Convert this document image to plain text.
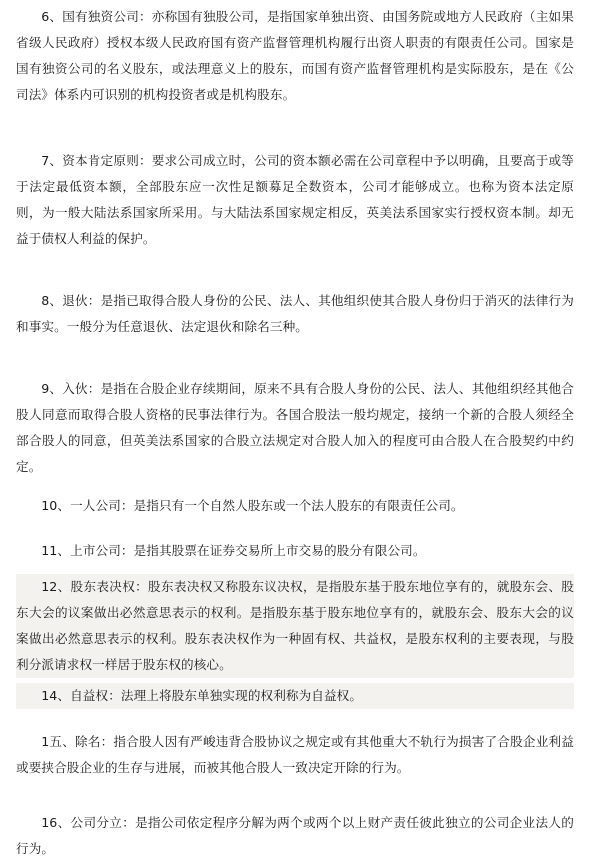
6、国有独资公司：亦称国有独股公司，是指国家单独出资、由国务院或地方人民政府（主如果省级人民政府）授权本级人民政府国有资产监督管理机构履行出资人职责的有限责任公司。国家是国有独资公司的名义股东，或法理意义上的股东，而国有资产监督管理机构是实际股东，是在《公司法》体系内可识别的机构投资者或是机构股东。

7、资本肯定原则：要求公司成立时，公司的资本额必需在公司章程中予以明确，且要高于或等于法定最低资本额，全部股东应一次性足额募足全数资本，公司才能够成立。也称为资本法定原则，为一般大陆法系国家所采用。与大陆法系国家规定相反，英美法系国家实行授权资本制。却无益于债权人利益的保护。

8、退伙：是指已取得合股人身份的公民、法人、其他组织使其合股人身份归于消灭的法律行为和事实。一般分为任意退伙、法定退伙和除名三种。

9、入伙：是指在合股企业存续期间，原来不具有合股人身份的公民、法人、其他组织经其他合股人同意而取得合股人资格的民事法律行为。各国合股法一般均规定，接纳一个新的合股人须经全部合股人的同意，但英美法系国家的合股立法规定对合股人加入的程度可由合股人在合股契约中约定。

10、一人公司：是指只有一个自然人股东或一个法人股东的有限责任公司。

11、上市公司：是指其股票在证券交易所上市交易的股分有限公司。

12、股东表决权：股东表决权又称股东议决权，是指股东基于股东地位享有的，就股东会、股东大会的议案做出必然意思表示的权利。是指股东基于股东地位享有的，就股东会、股东大会的议案做出必然意思表示的权利。股东表决权作为一种固有权、共益权，是股东权利的主要表现，与股利分派请求权一样居于股东权的核心。

14、自益权：法理上将股东单独实现的权利称为自益权。

1五、除名：指合股人因有严峻违背合股协议之规定或有其他重大不轨行为损害了合股企业利益或要挟合股企业的生存与进展，而被其他合股人一致决定开除的行为。

16、公司分立：是指公司依定程序分解为两个或两个以上财产责任彼此独立的公司企业法人的行为。
